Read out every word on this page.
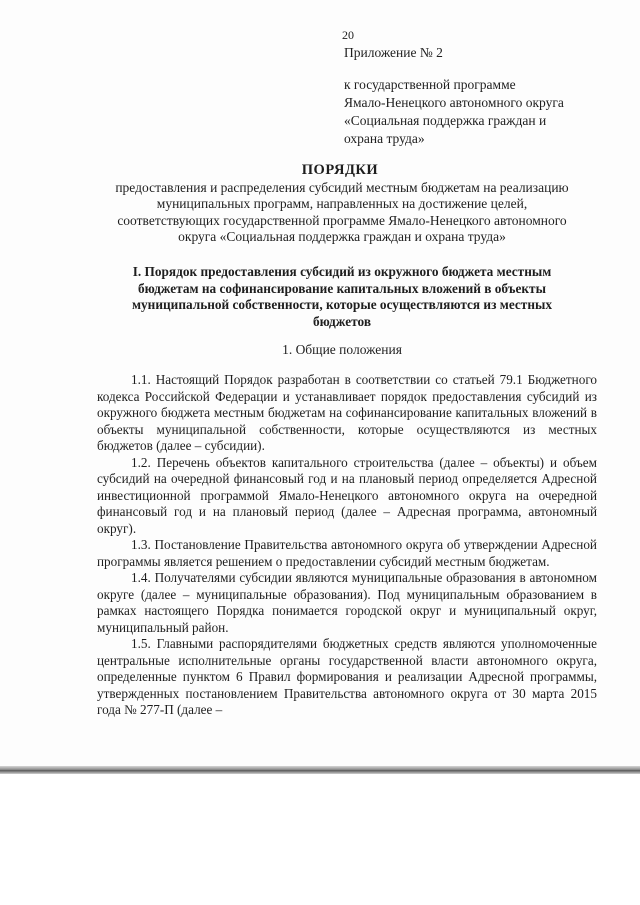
20
Приложение № 2
к государственной программе
Ямало-Ненецкого автономного округа
«Социальная поддержка граждан и
охрана труда»
ПОРЯДКИ
предоставления и распределения субсидий местным бюджетам на реализацию
муниципальных программ, направленных на достижение целей,
соответствующих государственной программе Ямало-Ненецкого автономного
округа «Социальная поддержка граждан и охрана труда»
I. Порядок предоставления субсидий из окружного бюджета местным
бюджетам на софинансирование капитальных вложений в объекты
муниципальной собственности, которые осуществляются из местных
бюджетов
1. Общие положения

1.1. Настоящий Порядок разработан в соответствии со статьей 79.1 Бюджетного кодекса Российской Федерации и устанавливает порядок предоставления субсидий из окружного бюджета местным бюджетам на софинансирование капитальных вложений в объекты муниципальной собственности, которые осуществляются из местных бюджетов (далее – субсидии).

1.2. Перечень объектов капитального строительства (далее – объекты) и объем субсидий на очередной финансовый год и на плановый период определяется Адресной инвестиционной программой Ямало-Ненецкого автономного округа на очередной финансовый год и на плановый период (далее – Адресная программа, автономный округ).

1.3. Постановление Правительства автономного округа об утверждении Адресной программы является решением о предоставлении субсидий местным бюджетам.

1.4. Получателями субсидии являются муниципальные образования в автономном округе (далее – муниципальные образования). Под муниципальным образованием в рамках настоящего Порядка понимается городской округ и муниципальный округ, муниципальный район.

1.5. Главными распорядителями бюджетных средств являются уполномоченные центральные исполнительные органы государственной власти автономного округа, определенные пунктом 6 Правил формирования и реализации Адресной программы, утвержденных постановлением Правительства автономного округа от 30 марта 2015 года № 277-П (далее –
